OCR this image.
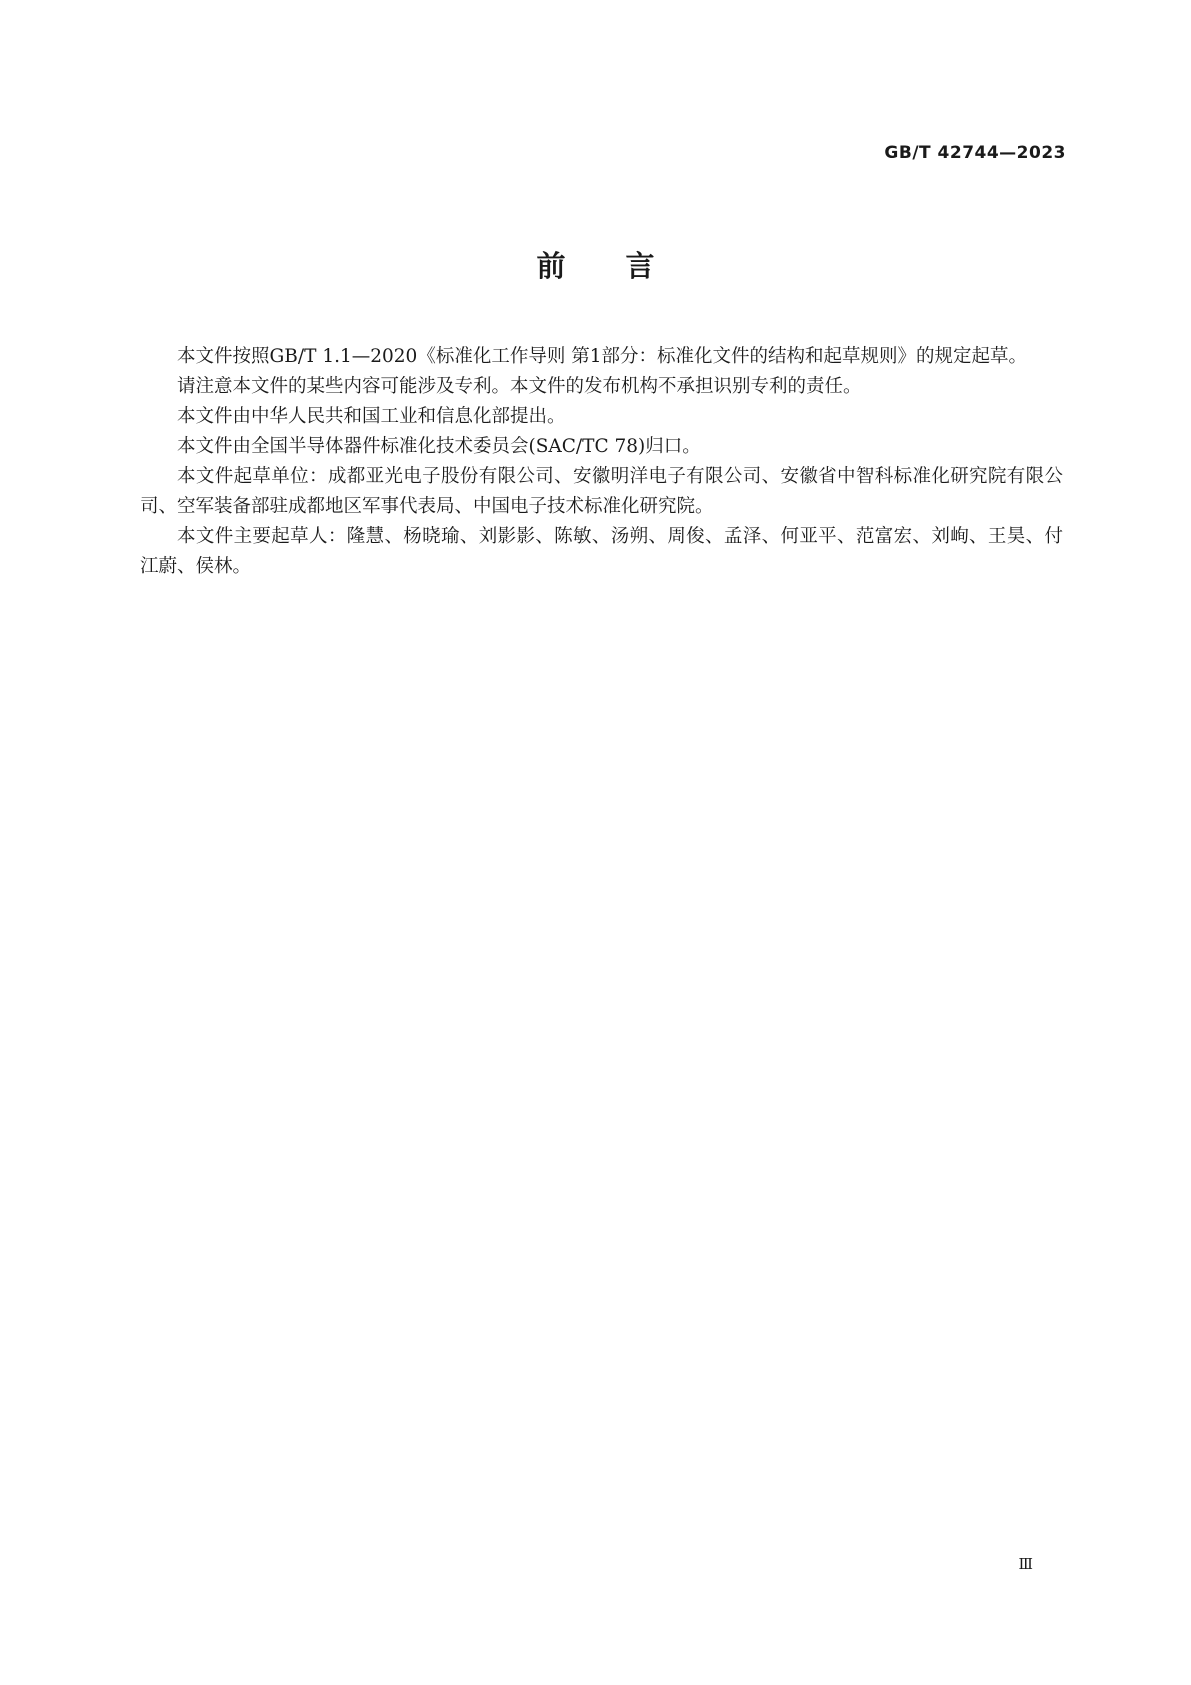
GB/T 42744—2023
前言

本文件按照GB/T 1.1—2020《标准化工作导则 第1部分：标准化文件的结构和起草规则》的规定起草。

请注意本文件的某些内容可能涉及专利。本文件的发布机构不承担识别专利的责任。

本文件由中华人民共和国工业和信息化部提出。

本文件由全国半导体器件标准化技术委员会(SAC/TC 78)归口。

本文件起草单位：成都亚光电子股份有限公司、安徽明洋电子有限公司、安徽省中智科标准化研究院有限公司、空军装备部驻成都地区军事代表局、中国电子技术标准化研究院。

本文件主要起草人：隆慧、杨晓瑜、刘影影、陈敏、汤朔、周俊、孟泽、何亚平、范富宏、刘峋、王昊、付江蔚、侯林。

Ⅲ
